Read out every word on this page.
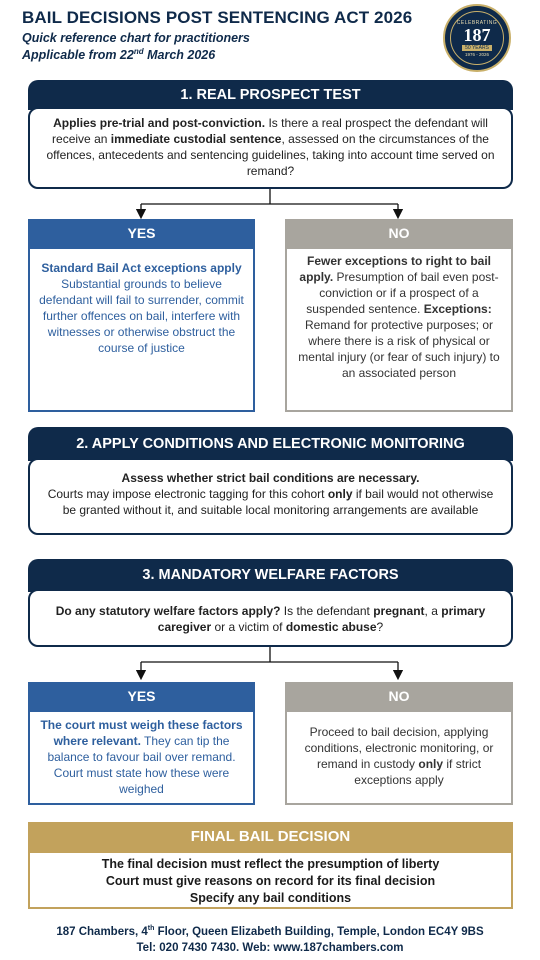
BAIL DECISIONS POST SENTENCING ACT 2026
Quick reference chart for practitioners
Applicable from 22nd March 2026
CELEBRATING
187
50 YEARS
1976 - 2026
1. REAL PROSPECT TEST
Applies pre-trial and post-conviction. Is there a real prospect the defendant will receive an immediate custodial sentence, assessed on the circumstances of the offences, antecedents and sentencing guidelines, taking into account time served on remand?
YES
Standard Bail Act exceptions apply
Substantial grounds to believe defendant will fail to surrender, commit further offences on bail, interfere with witnesses or otherwise obstruct the course of justice
NO
Fewer exceptions to right to bail apply. Presumption of bail even post-conviction or if a prospect of a suspended sentence. Exceptions: Remand for protective purposes; or where there is a risk of physical or mental injury (or fear of such injury) to an associated person
2. APPLY CONDITIONS AND ELECTRONIC MONITORING
Assess whether strict bail conditions are necessary.
Courts may impose electronic tagging for this cohort only if bail would not otherwise be granted without it, and suitable local monitoring arrangements are available
3. MANDATORY WELFARE FACTORS
Do any statutory welfare factors apply? Is the defendant pregnant, a primary caregiver or a victim of domestic abuse?
YES
The court must weigh these factors where relevant. They can tip the balance to favour bail over remand. Court must state how these were weighed
NO
Proceed to bail decision, applying conditions, electronic monitoring, or remand in custody only if strict exceptions apply
FINAL BAIL DECISION
The final decision must reflect the presumption of liberty
Court must give reasons on record for its final decision
Specify any bail conditions
187 Chambers, 4th Floor, Queen Elizabeth Building, Temple, London EC4Y 9BS
Tel: 020 7430 7430. Web: www.187chambers.com
